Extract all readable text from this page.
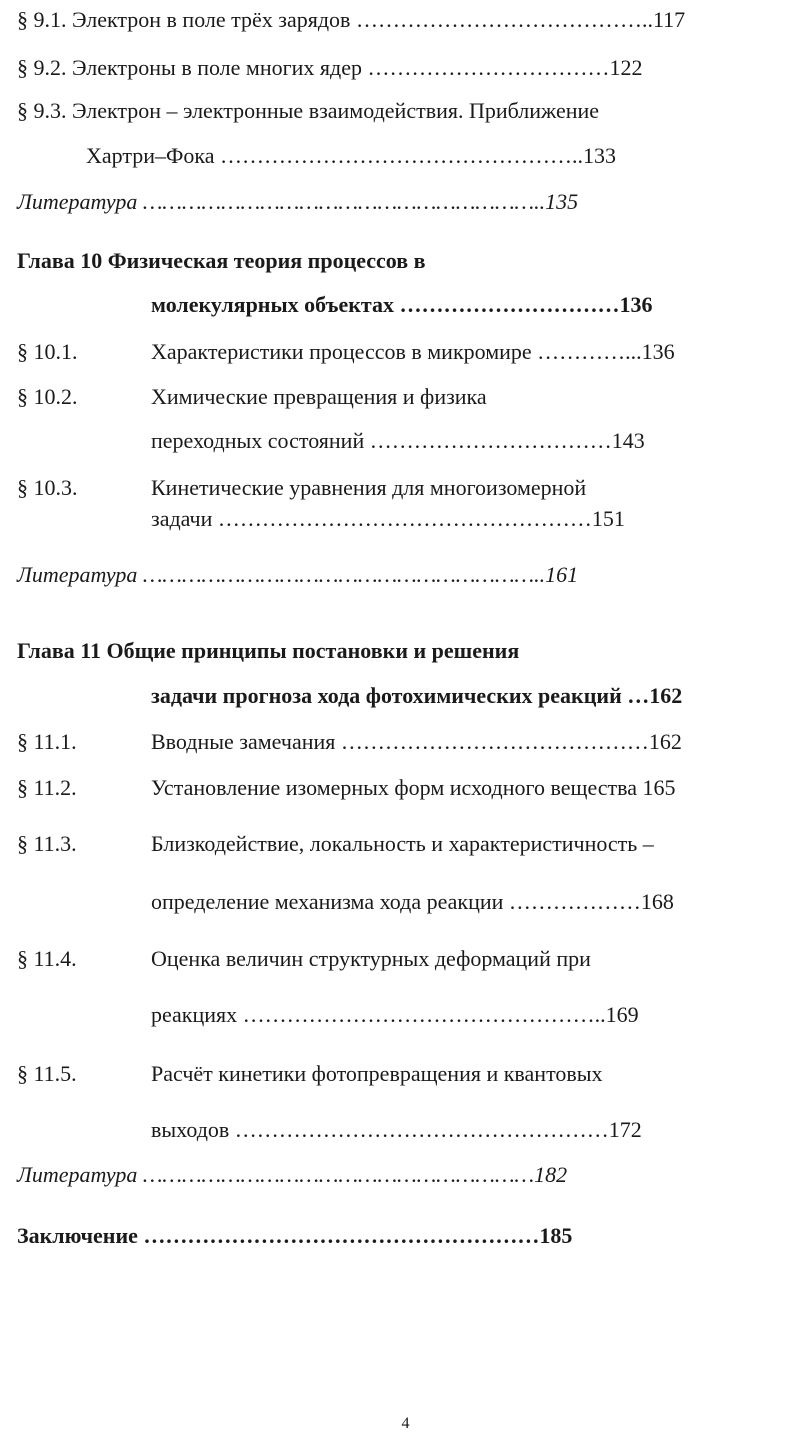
§ 9.1. Электрон в поле трёх зарядов …………………………………..117
§ 9.2. Электроны в поле многих ядер ……………………………122
§ 9.3. Электрон – электронные взаимодействия. Приближение
Хартри–Фока …………………………………………..133
Литература ……………………………………………………..135
Глава 10 Физическая теория процессов в
молекулярных объектах …………………………136
§ 10.1.	Характеристики процессов в микромире …………...136
§ 10.2.	Химические превращения и физика
переходных состояний ……………………………143
§ 10.3.	Кинетические уравнения для многоизомерной
задачи ……………………………………………151
Литература ……………………………………………………..161
Глава 11 Общие принципы постановки и решения
задачи прогноза хода фотохимических реакций …162
§ 11.1.	Вводные замечания ……………………………………162
§ 11.2.	Установление изомерных форм исходного вещества 165
§ 11.3.	Близкодействие, локальность и характеристичность –
определение механизма хода реакции ………………168
§ 11.4.	Оценка величин структурных деформаций при
реакциях …………………………………………..169
§ 11.5.	Расчёт кинетики фотопревращения и квантовых
выходов ……………………………………………172
Литература ……………………………………………………182
Заключение ………………………………………………185
4
